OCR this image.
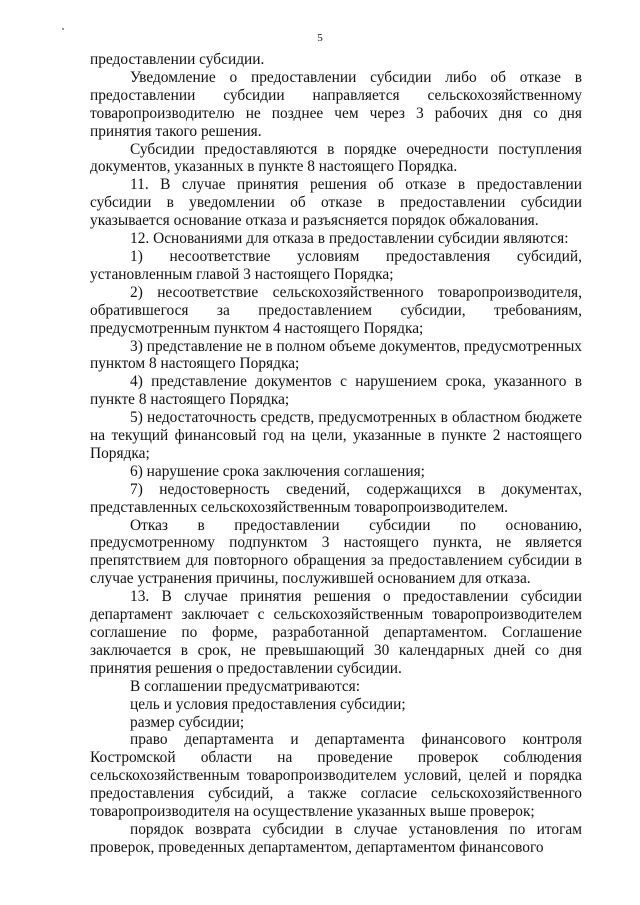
5

предоставлении субсидии.

Уведомление о предоставлении субсидии либо об отказе в предоставлении субсидии направляется сельскохозяйственному товаропроизводителю не позднее чем через 3 рабочих дня со дня принятия такого решения.

Субсидии предоставляются в порядке очередности поступления документов, указанных в пункте 8 настоящего Порядка.

11. В случае принятия решения об отказе в предоставлении субсидии в уведомлении об отказе в предоставлении субсидии указывается основание отказа и разъясняется порядок обжалования.

12. Основаниями для отказа в предоставлении субсидии являются:

1) несоответствие условиям предоставления субсидий, установленным главой 3 настоящего Порядка;

2) несоответствие сельскохозяйственного товаропроизводителя, обратившегося за предоставлением субсидии, требованиям, предусмотренным пунктом 4 настоящего Порядка;

3) представление не в полном объеме документов, предусмотренных пунктом 8 настоящего Порядка;

4) представление документов с нарушением срока, указанного в пункте 8 настоящего Порядка;

5) недостаточность средств, предусмотренных в областном бюджете на текущий финансовый год на цели, указанные в пункте 2 настоящего Порядка;

6) нарушение срока заключения соглашения;

7) недостоверность сведений, содержащихся в документах, представленных сельскохозяйственным товаропроизводителем.

Отказ в предоставлении субсидии по основанию, предусмотренному подпунктом 3 настоящего пункта, не является препятствием для повторного обращения за предоставлением субсидии в случае устранения причины, послужившей основанием для отказа.

13. В случае принятия решения о предоставлении субсидии департамент заключает с сельскохозяйственным товаропроизводителем соглашение по форме, разработанной департаментом. Соглашение заключается в срок, не превышающий 30 календарных дней со дня принятия решения о предоставлении субсидии.

В соглашении предусматриваются:

цель и условия предоставления субсидии;

размер субсидии;

право департамента и департамента финансового контроля Костромской области на проведение проверок соблюдения сельскохозяйственным товаропроизводителем условий, целей и порядка предоставления субсидий, а также согласие сельскохозяйственного товаропроизводителя на осуществление указанных выше проверок;

порядок возврата субсидии в случае установления по итогам проверок, проведенных департаментом, департаментом финансового
